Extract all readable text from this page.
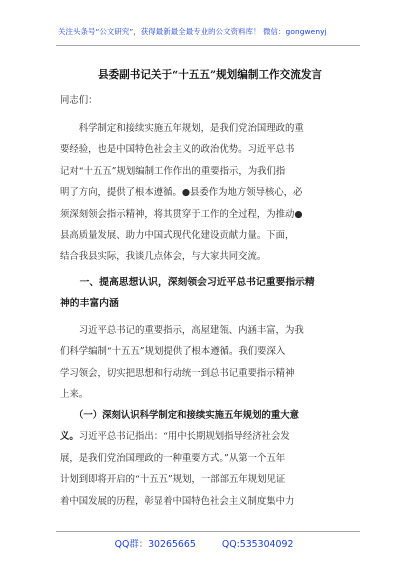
关注头条号“公文研究”，获得最新最全最专业的公文资料库！ 微信：gongwenyj
县委副书记关于“十五五”规划编制工作交流发言
同志们：
　　科学制定和接续实施五年规划，是我们党治国理政的重
要经验，也是中国特色社会主义的政治优势。习近平总书
记对“十五五”规划编制工作作出的重要指示，为我们指
明了方向，提供了根本遵循。●县委作为地方领导核心，必
须深刻领会指示精神，将其贯穿于工作的全过程，为推动●
县高质量发展、助力中国式现代化建设贡献力量。下面，
结合我县实际，我谈几点体会，与大家共同交流。
　　一、提高思想认识，深刻领会习近平总书记重要指示精
神的丰富内涵
　　习近平总书记的重要指示，高屋建瓴、内涵丰富，为我
们科学编制“十五五”规划提供了根本遵循。我们要深入
学习领会，切实把思想和行动统一到总书记重要指示精神
上来。
　　（一）深刻认识科学制定和接续实施五年规划的重大意
义。习近平总书记指出：“用中长期规划指导经济社会发
展，是我们党治国理政的一种重要方式。”从第一个五年
计划到即将开启的“十五五”规划，一部部五年规划见证
着中国发展的历程，彰显着中国特色社会主义制度集中力
QQ群：30265665	QQ:535304092
